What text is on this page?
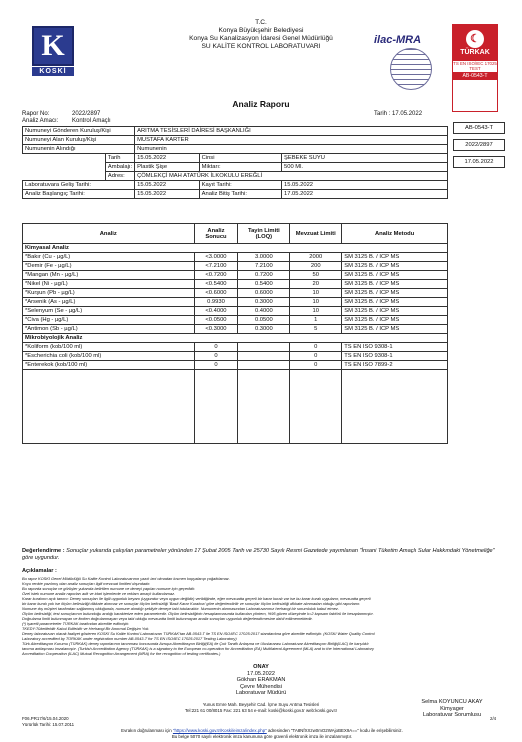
K
KOSKİ
T.C.
Konya Büyükşehir Belediyesi
Konya Su Kanalizasyon İdaresi Genel Müdürlüğü
SU KALİTE KONTROL LABORATUVARI
ilac-MRA	☾
TÜRKAK
TS EN ISO/IEC 17025
TEST
AB-0543-T
Analiz Raporu
Rapor No:	2022/2897
Analiz Amacı:	Kontrol Amaçlı
Tarih : 17.05.2022
AB-0543-T
2022/2897
17.05.2022
Numuneyi Gönderen Kuruluş/Kişi		ARITMA TESİSLERİ DAİRESİ BAŞKANLIĞI		
Numuneyi Alan Kuruluş/Kişi		MUSTAFA KARTER		
Numunenin Alındığı		Numunenin		
	Tarih	15.05.2022	Cinsi	ŞEBEKE SUYU
	Ambalajı:	Plastik Şişe	Miktarı:	500 Ml.
	Adres:	ÇÖMLEKÇİ MAH ATATÜRK İLKOKULU EREĞLİ		
Laboratuvara Geliş Tarihi:		15.05.2022	Kayıt Tarihi:	15.05.2022
Analiz Başlangıç Tarihi:		15.05.2022	Analiz Bitiş Tarihi:	17.05.2022
Analiz	Analiz Sonucu	Tayin Limiti (LOQ)	Mevzuat Limiti	Analiz Metodu
Kimyasal Analiz				
*Bakır (Cu - µg/L)	<3.0000	3.0000	2000	SM 3125 B. / ICP MS
*Demir (Fe - µg/L)	<7.2100	7.2100	200	SM 3125 B. / ICP MS
*Mangan (Mn - µg/L)	<0.7200	0.7200	50	SM 3125 B. / ICP MS
*Nikel (Ni - µg/L)	<0.5400	0.5400	20	SM 3125 B. / ICP MS
*Kurşun (Pb - µg/L)	<0.6000	0.6000	10	SM 3125 B. / ICP MS
*Arsenik (As - µg/L)	0.9930	0.3000	10	SM 3125 B. / ICP MS
*Selenyum (Se - µg/L)	<0.4000	0.4000	10	SM 3125 B. / ICP MS
*Civa (Hg - µg/L)	<0.0500	0.0500	1	SM 3125 B. / ICP MS
*Antimon (Sb - µg/L)	<0.3000	0.3000	5	SM 3125 B. / ICP MS
Mikrobiyolojik Analiz				
*Koliform (kob/100 ml)	0		0	TS EN ISO 9308-1
*Escherichia coli (kob/100 ml)	0		0	TS EN ISO 9308-1
*Enterekok (kob/100 ml)	0		0	TS EN ISO 7899-2

Değerlendirme : Sonuçlar yukarıda çalışılan parametreler yönünden 17 Şubat 2005 Tarih ve 25730 Sayılı Resmi Gazetede yayımlanan "İnsani Tüketim Amaçlı Sular Hakkındaki Yönetmeliğe" göre uygundur.
Açıklamalar :
Bu rapor KOSKİ Genel Müdürlüğü Su Kalite Kontrol Laboratuvarının yazılı izni olmadan kısmen kopyalanıp çoğaltılamaz.
Koyu renkte yazılmış olan analiz sonuçları ilgili mevzuat limitleri dışındadır.
Bu raporda sonuçlar ve görüşler yukarıda belirtilen numune ve deneyi yapılan numune için geçerlidir.
Özel istek numune analiz raporları adlı ve idari işlemlerde ve reklam amaçlı kullanılamaz.
Karar kuralının açık tanımı: Deney sonuçları ile ilgili uygunluk beyanı (uygundur veya uygun değildir) verildiğinde, eğer mevzuatta geçerli bir karar kuralı var ise bu karar kuralı uygulanır, mevzuatta geçerli
bir karar kuralı yok ise ölçüm belirsizliği dikkate alınmaz ve sonuçlar ölçüm belirsizliği 'Basit Karar Kuralına' göre değerlendirilir ve sonuçlar ölçüm belirsizliği dikkate alınmadan olduğu gibi raporlanır.
Numune dış müşteri tarafından sağlanmış olduğunda, numune alındığı şekliyle deneye tabi tutulacaktır. Numunenin alınmasından Laboratuvarımız herhangi bir sorumluluk kabul etmez.
Ölçüm belirsizliği, test sonuçlarının bulunduğu aralığı karakterize eden parametredir. Ölçüm belirsizliğinin hesaplanmasında kullanılan yöntem, %95 güven düzeyinde k=2 kapsam faktörü ile hesaplanmıştır.
Doğrulama limiti bulunmayan ve limiten doğrulanmayan veya tabi olduğu mevzuatta limiti bulunmayan analiz sonuçları uygunluk değerlendirmesine dahil edilmemektedir.
(*) işaretli parametreler TÜRKAK tarafından akredite edilmiştir.
TKEDY:Tüketilebilir Kabul Edilebilir ve Herhangi Bir Anormal Değişim Yok.
Deney laboratuvarı olarak faaliyet gösteren KOSKİ Su Kalite Kontrol Laboratuvarı TÜRKAK'tan AB-0543-T ile TS EN ISO/IEC 17025:2017 standardına göre akredite edilmiştir. (KOSKI Water Quality Control
Laboratory accredited by TÜRKAK under registration number AB-0543-T for TS EN ISO/IEC 17025:2017 Testing Laboratory)
Türk Akreditasyon Kurumu (TÜRKAK) deney raporlarının tanınması konusunda Avrupa Akreditasyon Birliği(EA) ile Çok Taraflı Anlaşma ve Uluslararası Laboratuvar Akreditasyon Birliği(ILAC) ile karşılıklı
tanıma antlaşması imzalamıştır. (Turkish Accreditation Agency (TÜRKAK) is a signatory to the European co-operation for Accreditation (EA) Multilateral Agreement (MLA) and to the International Laboratory
Accreditation Cooperation (ILAC) Mutual Recognition Arrangement (MRA) for the recognition of testing certificates.)
Selma KOYUNCU AKAY
Kimyager
Laboratuvar Sorumlusu
ONAY
17.05.2022
Gökhan ERAKMAN
Çevre Mühendisi
Laboratuvar Müdürü
Yunus Emre Mah. Beyşehir Cad. İçme Suyu Arıtma Tesisleri
Tel:221 61 00/8015 Fax: 221 63 54 e-mail: koski@koski.gov.tr web:koski.gov.tr
F06.PR17/6/15.04.2020
Yürürlük Tarihi: 15.07.2011
2/4
Evrakın doğrulanması için "https://www.koski.gov.tr/Koski/eimza/index.php" adresinden "TA8NfXXzw0mO2WAjoBEX9A==" kodu ile erişebilirsiniz.
Bu belge 5070 sayılı elektronik imza kanununa göre güvenli elektronik imza ile imzalanmıştır.
